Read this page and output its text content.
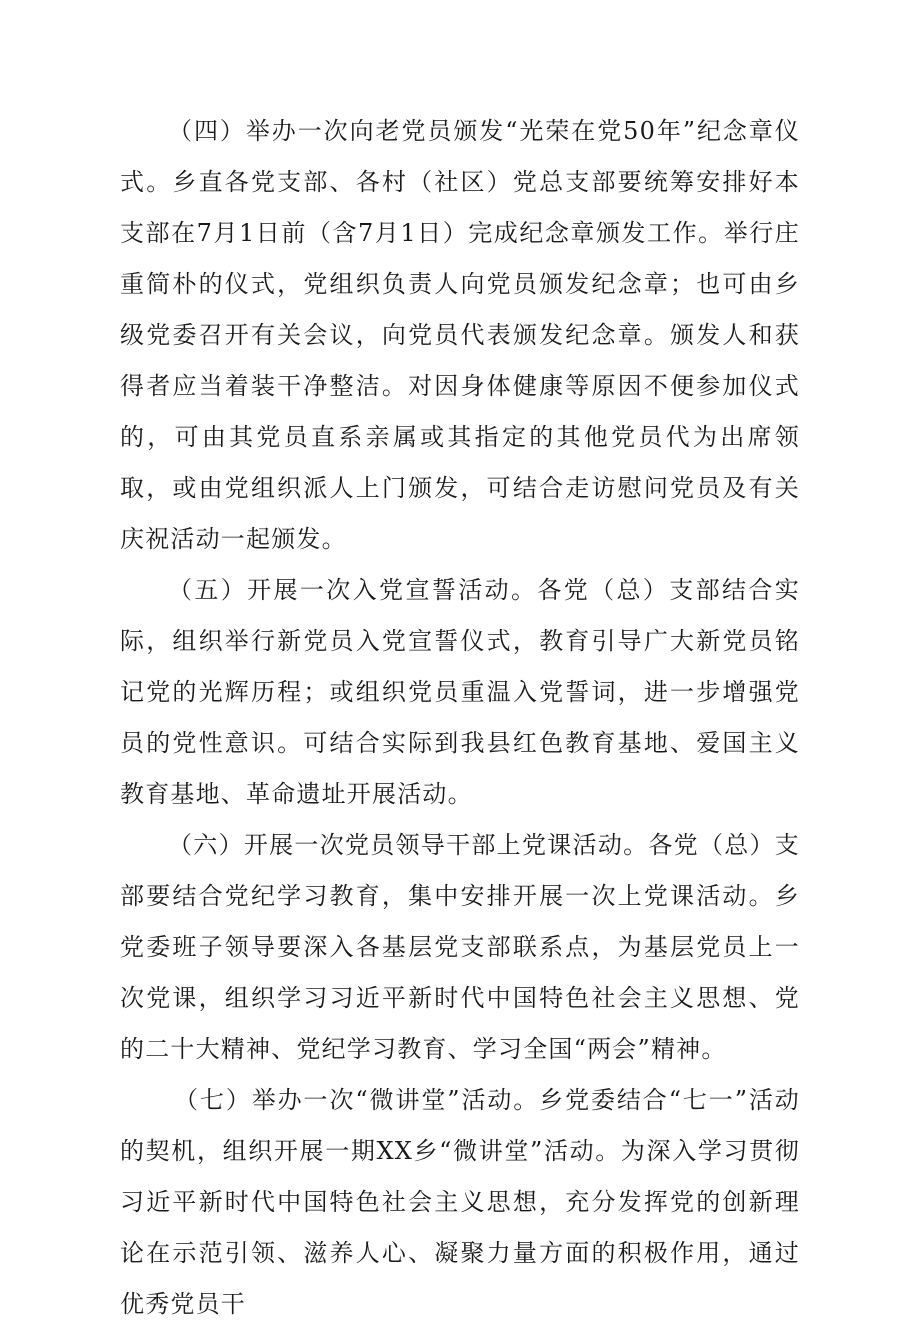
（四）举办一次向老党员颁发“光荣在党50年”纪念章仪式。乡直各党支部、各村（社区）党总支部要统筹安排好本支部在7月1日前（含7月1日）完成纪念章颁发工作。举行庄重简朴的仪式，党组织负责人向党员颁发纪念章；也可由乡级党委召开有关会议，向党员代表颁发纪念章。颁发人和获得者应当着装干净整洁。对因身体健康等原因不便参加仪式的，可由其党员直系亲属或其指定的其他党员代为出席领取，或由党组织派人上门颁发，可结合走访慰问党员及有关庆祝活动一起颁发。

（五）开展一次入党宣誓活动。各党（总）支部结合实际，组织举行新党员入党宣誓仪式，教育引导广大新党员铭记党的光辉历程；或组织党员重温入党誓词，进一步增强党员的党性意识。可结合实际到我县红色教育基地、爱国主义教育基地、革命遗址开展活动。

（六）开展一次党员领导干部上党课活动。各党（总）支部要结合党纪学习教育，集中安排开展一次上党课活动。乡党委班子领导要深入各基层党支部联系点，为基层党员上一次党课，组织学习习近平新时代中国特色社会主义思想、党的二十大精神、党纪学习教育、学习全国“两会”精神。

（七）举办一次“微讲堂”活动。乡党委结合“七一”活动的契机，组织开展一期XX乡“微讲堂”活动。为深入学习贯彻习近平新时代中国特色社会主义思想，充分发挥党的创新理论在示范引领、滋养人心、凝聚力量方面的积极作用，通过优秀党员干
